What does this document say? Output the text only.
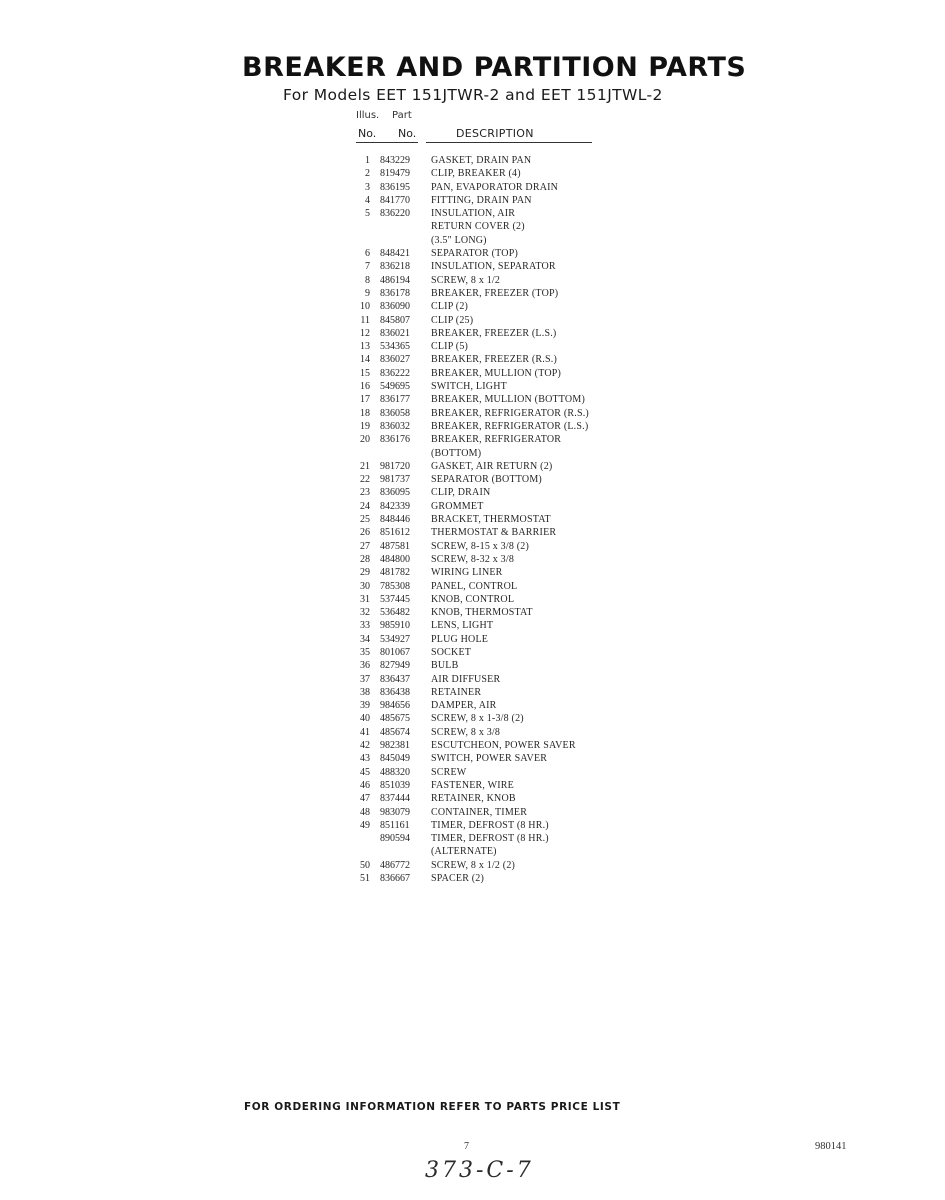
BREAKER AND PARTITION PARTS
For Models EET 151JTWR-2 and EET 151JTWL-2
Illus. Part
No. No.	DESCRIPTION
1 843229 GASKET, DRAIN PAN
2 819479 CLIP, BREAKER (4)
3 836195 PAN, EVAPORATOR DRAIN
4 841770 FITTING, DRAIN PAN
5 836220 INSULATION, AIR
RETURN COVER (2)
(3.5" LONG)
6 848421 SEPARATOR (TOP)
7 836218 INSULATION, SEPARATOR
8 486194 SCREW, 8 x 1/2
9 836178 BREAKER, FREEZER (TOP)
10 836090 CLIP (2)
11 845807 CLIP (25)
12 836021 BREAKER, FREEZER (L.S.)
13 534365 CLIP (5)
14 836027 BREAKER, FREEZER (R.S.)
15 836222 BREAKER, MULLION (TOP)
16 549695 SWITCH, LIGHT
17 836177 BREAKER, MULLION (BOTTOM)
18 836058 BREAKER, REFRIGERATOR (R.S.)
19 836032 BREAKER, REFRIGERATOR (L.S.)
20 836176 BREAKER, REFRIGERATOR
(BOTTOM)
21 981720 GASKET, AIR RETURN (2)
22 981737 SEPARATOR (BOTTOM)
23 836095 CLIP, DRAIN
24 842339 GROMMET
25 848446 BRACKET, THERMOSTAT
26 851612 THERMOSTAT & BARRIER
27 487581 SCREW, 8-15 x 3/8 (2)
28 484800 SCREW, 8-32 x 3/8
29 481782 WIRING LINER
30 785308 PANEL, CONTROL
31 537445 KNOB, CONTROL
32 536482 KNOB, THERMOSTAT
33 985910 LENS, LIGHT
34 534927 PLUG HOLE
35 801067 SOCKET
36 827949 BULB
37 836437 AIR DIFFUSER
38 836438 RETAINER
39 984656 DAMPER, AIR
40 485675 SCREW, 8 x 1-3/8 (2)
41 485674 SCREW, 8 x 3/8
42 982381 ESCUTCHEON, POWER SAVER
43 845049 SWITCH, POWER SAVER
45 488320 SCREW
46 851039 FASTENER, WIRE
47 837444 RETAINER, KNOB
48 983079 CONTAINER, TIMER
49 851161 TIMER, DEFROST (8 HR.)
890594 TIMER, DEFROST (8 HR.)
(ALTERNATE)
50 486772 SCREW, 8 x 1/2 (2)
51 836667 SPACER (2)

FOR ORDERING INFORMATION REFER TO PARTS PRICE LIST

7	980141
373-C-7
